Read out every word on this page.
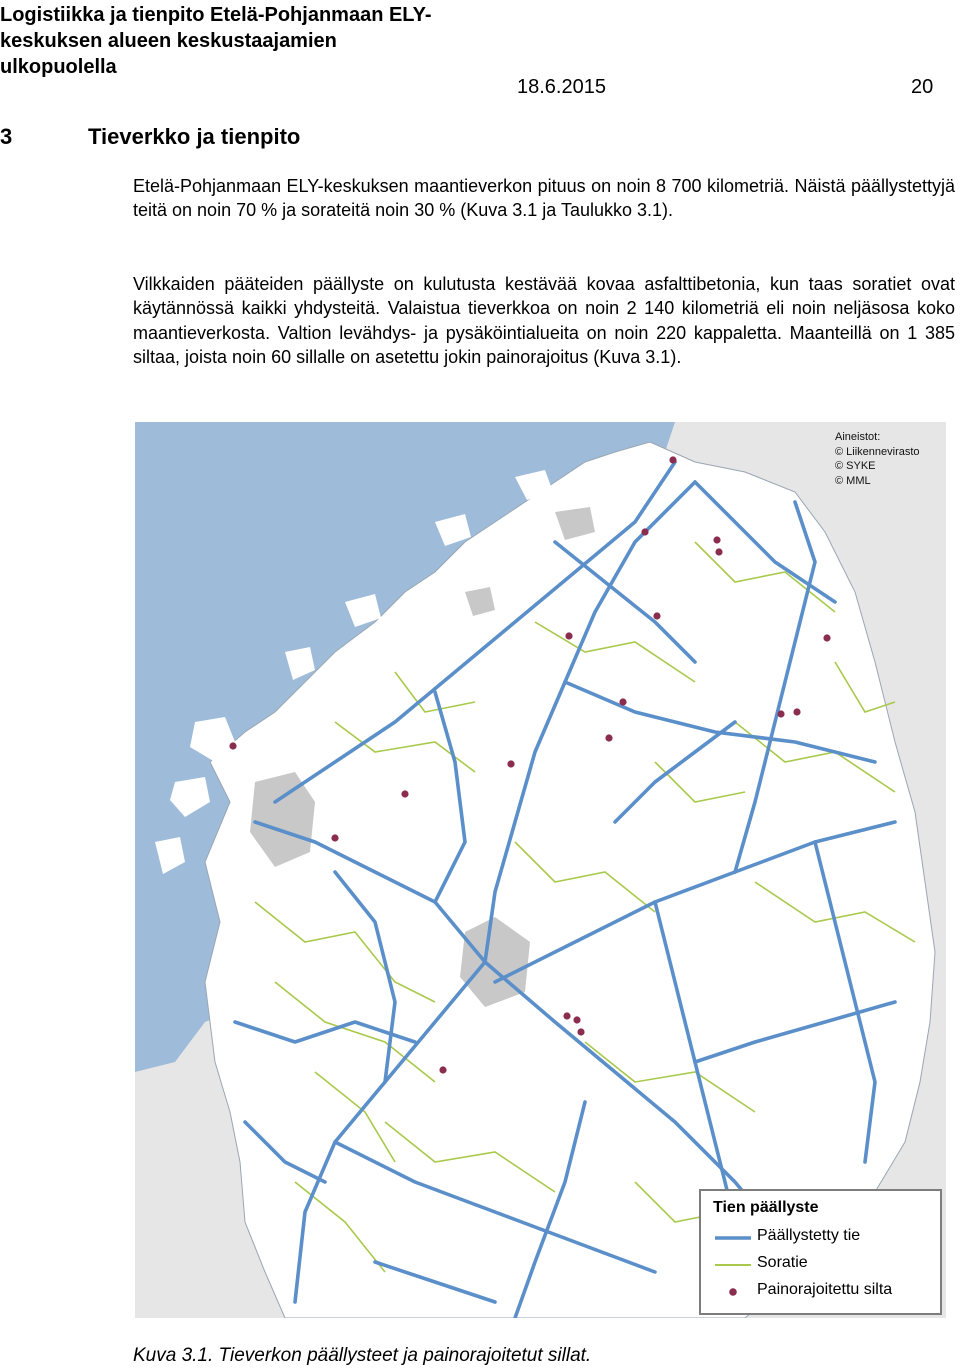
Logistiikka ja tienpito Etelä-Pohjanmaan ELY-
keskuksen alueen keskustaajamien
ulkopuolella
18.6.2015	20
3	Tieverkko ja tienpito

Etelä-Pohjanmaan ELY-keskuksen maantieverkon pituus on noin 8 700 kilometriä. Näistä päällystettyjä teitä on noin 70 % ja sorateitä noin 30 % (Kuva 3.1 ja Taulukko 3.1).

Vilkkaiden pääteiden päällyste on kulutusta kestävää kovaa asfalttibetonia, kun taas soratiet ovat käytännössä kaikki yhdysteitä. Valaistua tieverkkoa on noin 2 140 kilometriä eli noin neljäsosa koko maantieverkosta. Valtion levähdys- ja pysäköintialueita on noin 220 kappaletta. Maanteillä on 1 385 siltaa, joista noin 60 sillalle on asetettu jokin painorajoitus (Kuva 3.1).

Aineistot:
© Liikennevirasto
© SYKE
© MML
Tien päällyste
Päällystetty tie
Soratie
Painorajoitettu silta
Kuva 3.1. Tieverkon päällysteet ja painorajoitetut sillat.
